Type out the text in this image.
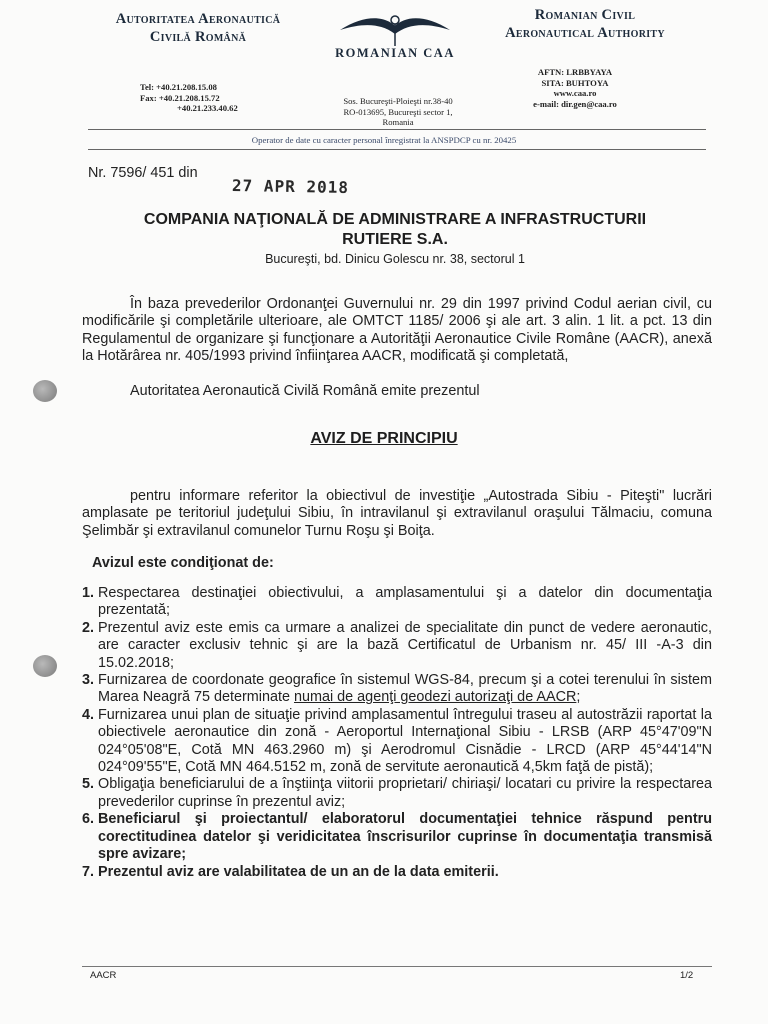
Autoritatea Aeronautică
Civilă Română
ROMANIAN CAA
Romanian Civil
Aeronautical Authority
Tel: +40.21.208.15.08
Fax: +40.21.208.15.72
+40.21.233.40.62
Sos. Bucureşti-Ploieşti nr.38-40
RO-013695, Bucureşti sector 1,
Romania
AFTN: LRBBYAYA
SITA: BUHTOYA
www.caa.ro
e-mail: dir.gen@caa.ro
Operator de date cu caracter personal înregistrat la ANSPDCP cu nr. 20425
Nr. 7596/ 451 din
27 APR 2018
COMPANIA NAŢIONALĂ DE ADMINISTRARE A INFRASTRUCTURII
RUTIERE S.A.
Bucureşti, bd. Dinicu Golescu nr. 38, sectorul 1
În baza prevederilor Ordonanţei Guvernului nr. 29 din 1997 privind Codul aerian civil, cu modificările şi completările ulterioare, ale OMTCT 1185/ 2006 şi ale art. 3 alin. 1 lit. a pct. 13 din Regulamentul de organizare şi funcţionare a Autorităţii Aeronautice Civile Române (AACR), anexă la Hotărârea nr. 405/1993 privind înfiinţarea AACR, modificată şi completată,
Autoritatea Aeronautică Civilă Română emite prezentul
AVIZ DE PRINCIPIU
pentru informare referitor la obiectivul de investiţie „Autostrada Sibiu - Piteşti" lucrări amplasate pe teritoriul judeţului Sibiu, în intravilanul şi extravilanul oraşului Tălmaciu, comuna Şelimbăr şi extravilanul comunelor Turnu Roşu şi Boiţa.
Avizul este condiţionat de:
1. Respectarea destinaţiei obiectivului, a amplasamentului şi a datelor din documentaţia prezentată;
2. Prezentul aviz este emis ca urmare a analizei de specialitate din punct de vedere aeronautic, are caracter exclusiv tehnic şi are la bază Certificatul de Urbanism nr. 45/ III -A-3 din 15.02.2018;
3. Furnizarea de coordonate geografice în sistemul WGS-84, precum şi a cotei terenului în sistem Marea Neagră 75 determinate numai de agenţi geodezi autorizaţi de AACR;
4. Furnizarea unui plan de situaţie privind amplasamentul întregului traseu al autostrăzii raportat la obiectivele aeronautice din zonă - Aeroportul Internaţional Sibiu - LRSB (ARP 45°47'09"N 024°05'08"E, Cotă MN 463.2960 m) şi Aerodromul Cisnădie - LRCD (ARP 45°44'14"N 024°09'55"E, Cotă MN 464.5152 m, zonă de servitute aeronautică 4,5km faţă de pistă);
5. Obligaţia beneficiarului de a înştiinţa viitorii proprietari/ chiriaşi/ locatari cu privire la respectarea prevederilor cuprinse în prezentul aviz;
6. Beneficiarul şi proiectantul/ elaboratorul documentaţiei tehnice răspund pentru corectitudinea datelor şi veridicitatea înscrisurilor cuprinse în documentaţia transmisă spre avizare;
7. Prezentul aviz are valabilitatea de un an de la data emiterii.
AACR	1/2
